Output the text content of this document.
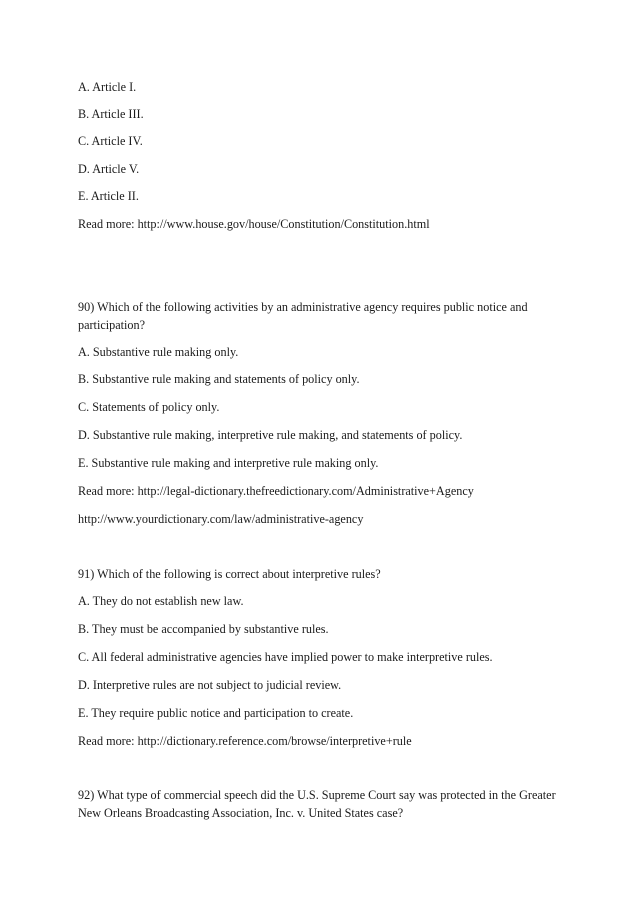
A. Article I.
B. Article III.
C. Article IV.
D. Article V.
E. Article II.
Read more: http://www.house.gov/house/Constitution/Constitution.html
90) Which of the following activities by an administrative agency requires public notice and participation?
A. Substantive rule making only.
B. Substantive rule making and statements of policy only.
C. Statements of policy only.
D. Substantive rule making, interpretive rule making, and statements of policy.
E. Substantive rule making and interpretive rule making only.
Read more: http://legal-dictionary.thefreedictionary.com/Administrative+Agency
http://www.yourdictionary.com/law/administrative-agency
91) Which of the following is correct about interpretive rules?
A. They do not establish new law.
B. They must be accompanied by substantive rules.
C. All federal administrative agencies have implied power to make interpretive rules.
D. Interpretive rules are not subject to judicial review.
E. They require public notice and participation to create.
Read more: http://dictionary.reference.com/browse/interpretive+rule
92) What type of commercial speech did the U.S. Supreme Court say was protected in the Greater New Orleans Broadcasting Association, Inc. v. United States case?
